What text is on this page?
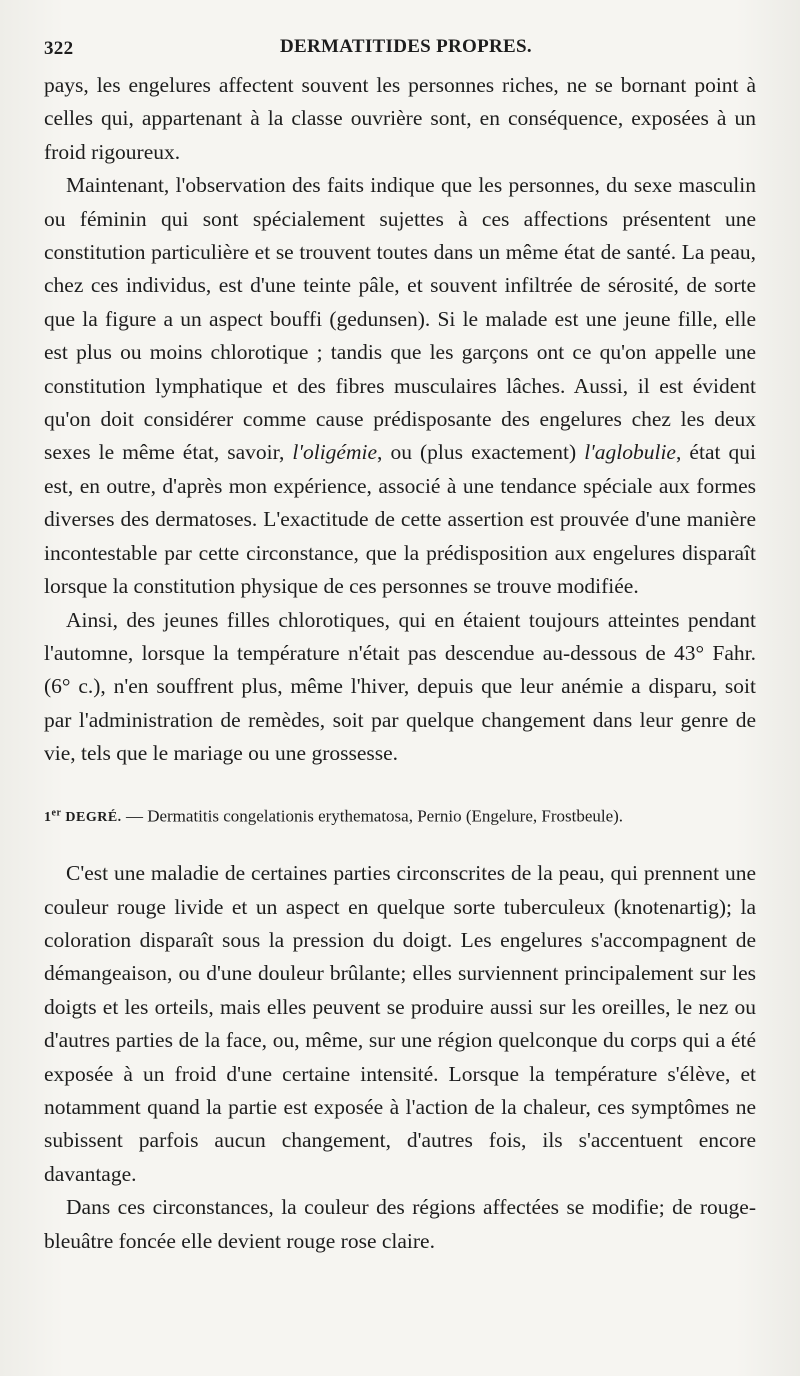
322	DERMATITIDES PROPRES.

pays, les engelures affectent souvent les personnes riches, ne se bornant point à celles qui, appartenant à la classe ouvrière sont, en conséquence, exposées à un froid rigoureux.

Maintenant, l'observation des faits indique que les personnes, du sexe masculin ou féminin qui sont spécialement sujettes à ces affections présentent une constitution particulière et se trouvent toutes dans un même état de santé. La peau, chez ces individus, est d'une teinte pâle, et souvent infiltrée de sérosité, de sorte que la figure a un aspect bouffi (gedunsen). Si le malade est une jeune fille, elle est plus ou moins chlorotique ; tandis que les garçons ont ce qu'on appelle une constitution lymphatique et des fibres musculaires lâches. Aussi, il est évident qu'on doit considérer comme cause prédisposante des engelures chez les deux sexes le même état, savoir, l'oligémie, ou (plus exactement) l'aglobulie, état qui est, en outre, d'après mon expérience, associé à une tendance spéciale aux formes diverses des dermatoses. L'exactitude de cette assertion est prouvée d'une manière incontestable par cette circonstance, que la prédisposition aux engelures disparaît lorsque la constitution physique de ces personnes se trouve modifiée.

Ainsi, des jeunes filles chlorotiques, qui en étaient toujours atteintes pendant l'automne, lorsque la température n'était pas descendue au-dessous de 43° Fahr. (6° c.), n'en souffrent plus, même l'hiver, depuis que leur anémie a disparu, soit par l'administration de remèdes, soit par quelque changement dans leur genre de vie, tels que le mariage ou une grossesse.

1er DEGRÉ. — Dermatitis congelationis erythematosa, Pernio (Engelure, Frostbeule).

C'est une maladie de certaines parties circonscrites de la peau, qui prennent une couleur rouge livide et un aspect en quelque sorte tuberculeux (knotenartig); la coloration disparaît sous la pression du doigt. Les engelures s'accompagnent de démangeaison, ou d'une douleur brûlante; elles surviennent principalement sur les doigts et les orteils, mais elles peuvent se produire aussi sur les oreilles, le nez ou d'autres parties de la face, ou, même, sur une région quelconque du corps qui a été exposée à un froid d'une certaine intensité. Lorsque la température s'élève, et notamment quand la partie est exposée à l'action de la chaleur, ces symptômes ne subissent parfois aucun changement, d'autres fois, ils s'accentuent encore davantage.

Dans ces circonstances, la couleur des régions affectées se modifie; de rouge-bleuâtre foncée elle devient rouge rose claire.
